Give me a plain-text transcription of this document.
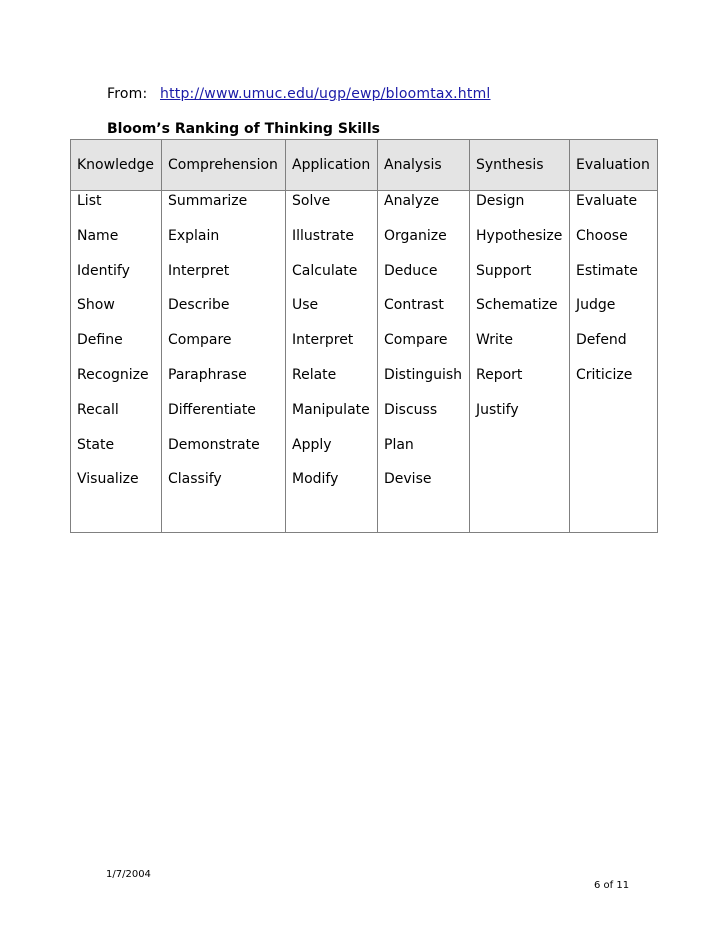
From: http://www.umuc.edu/ugp/ewp/bloomtax.html
Bloom’s Ranking of Thinking Skills
Knowledge	Comprehension	Application	Analysis	Synthesis	Evaluation
List	Summarize	Solve	Analyze	Design	Evaluate
Name	Explain	Illustrate	Organize	Hypothesize	Choose
Identify	Interpret	Calculate	Deduce	Support	Estimate
Show	Describe	Use	Contrast	Schematize	Judge
Define	Compare	Interpret	Compare	Write	Defend
Recognize	Paraphrase	Relate	Distinguish	Report	Criticize
Recall	Differentiate	Manipulate	Discuss	Justify	
State	Demonstrate	Apply	Plan		
Visualize	Classify	Modify	Devise		

1/7/2004
6 of 11
